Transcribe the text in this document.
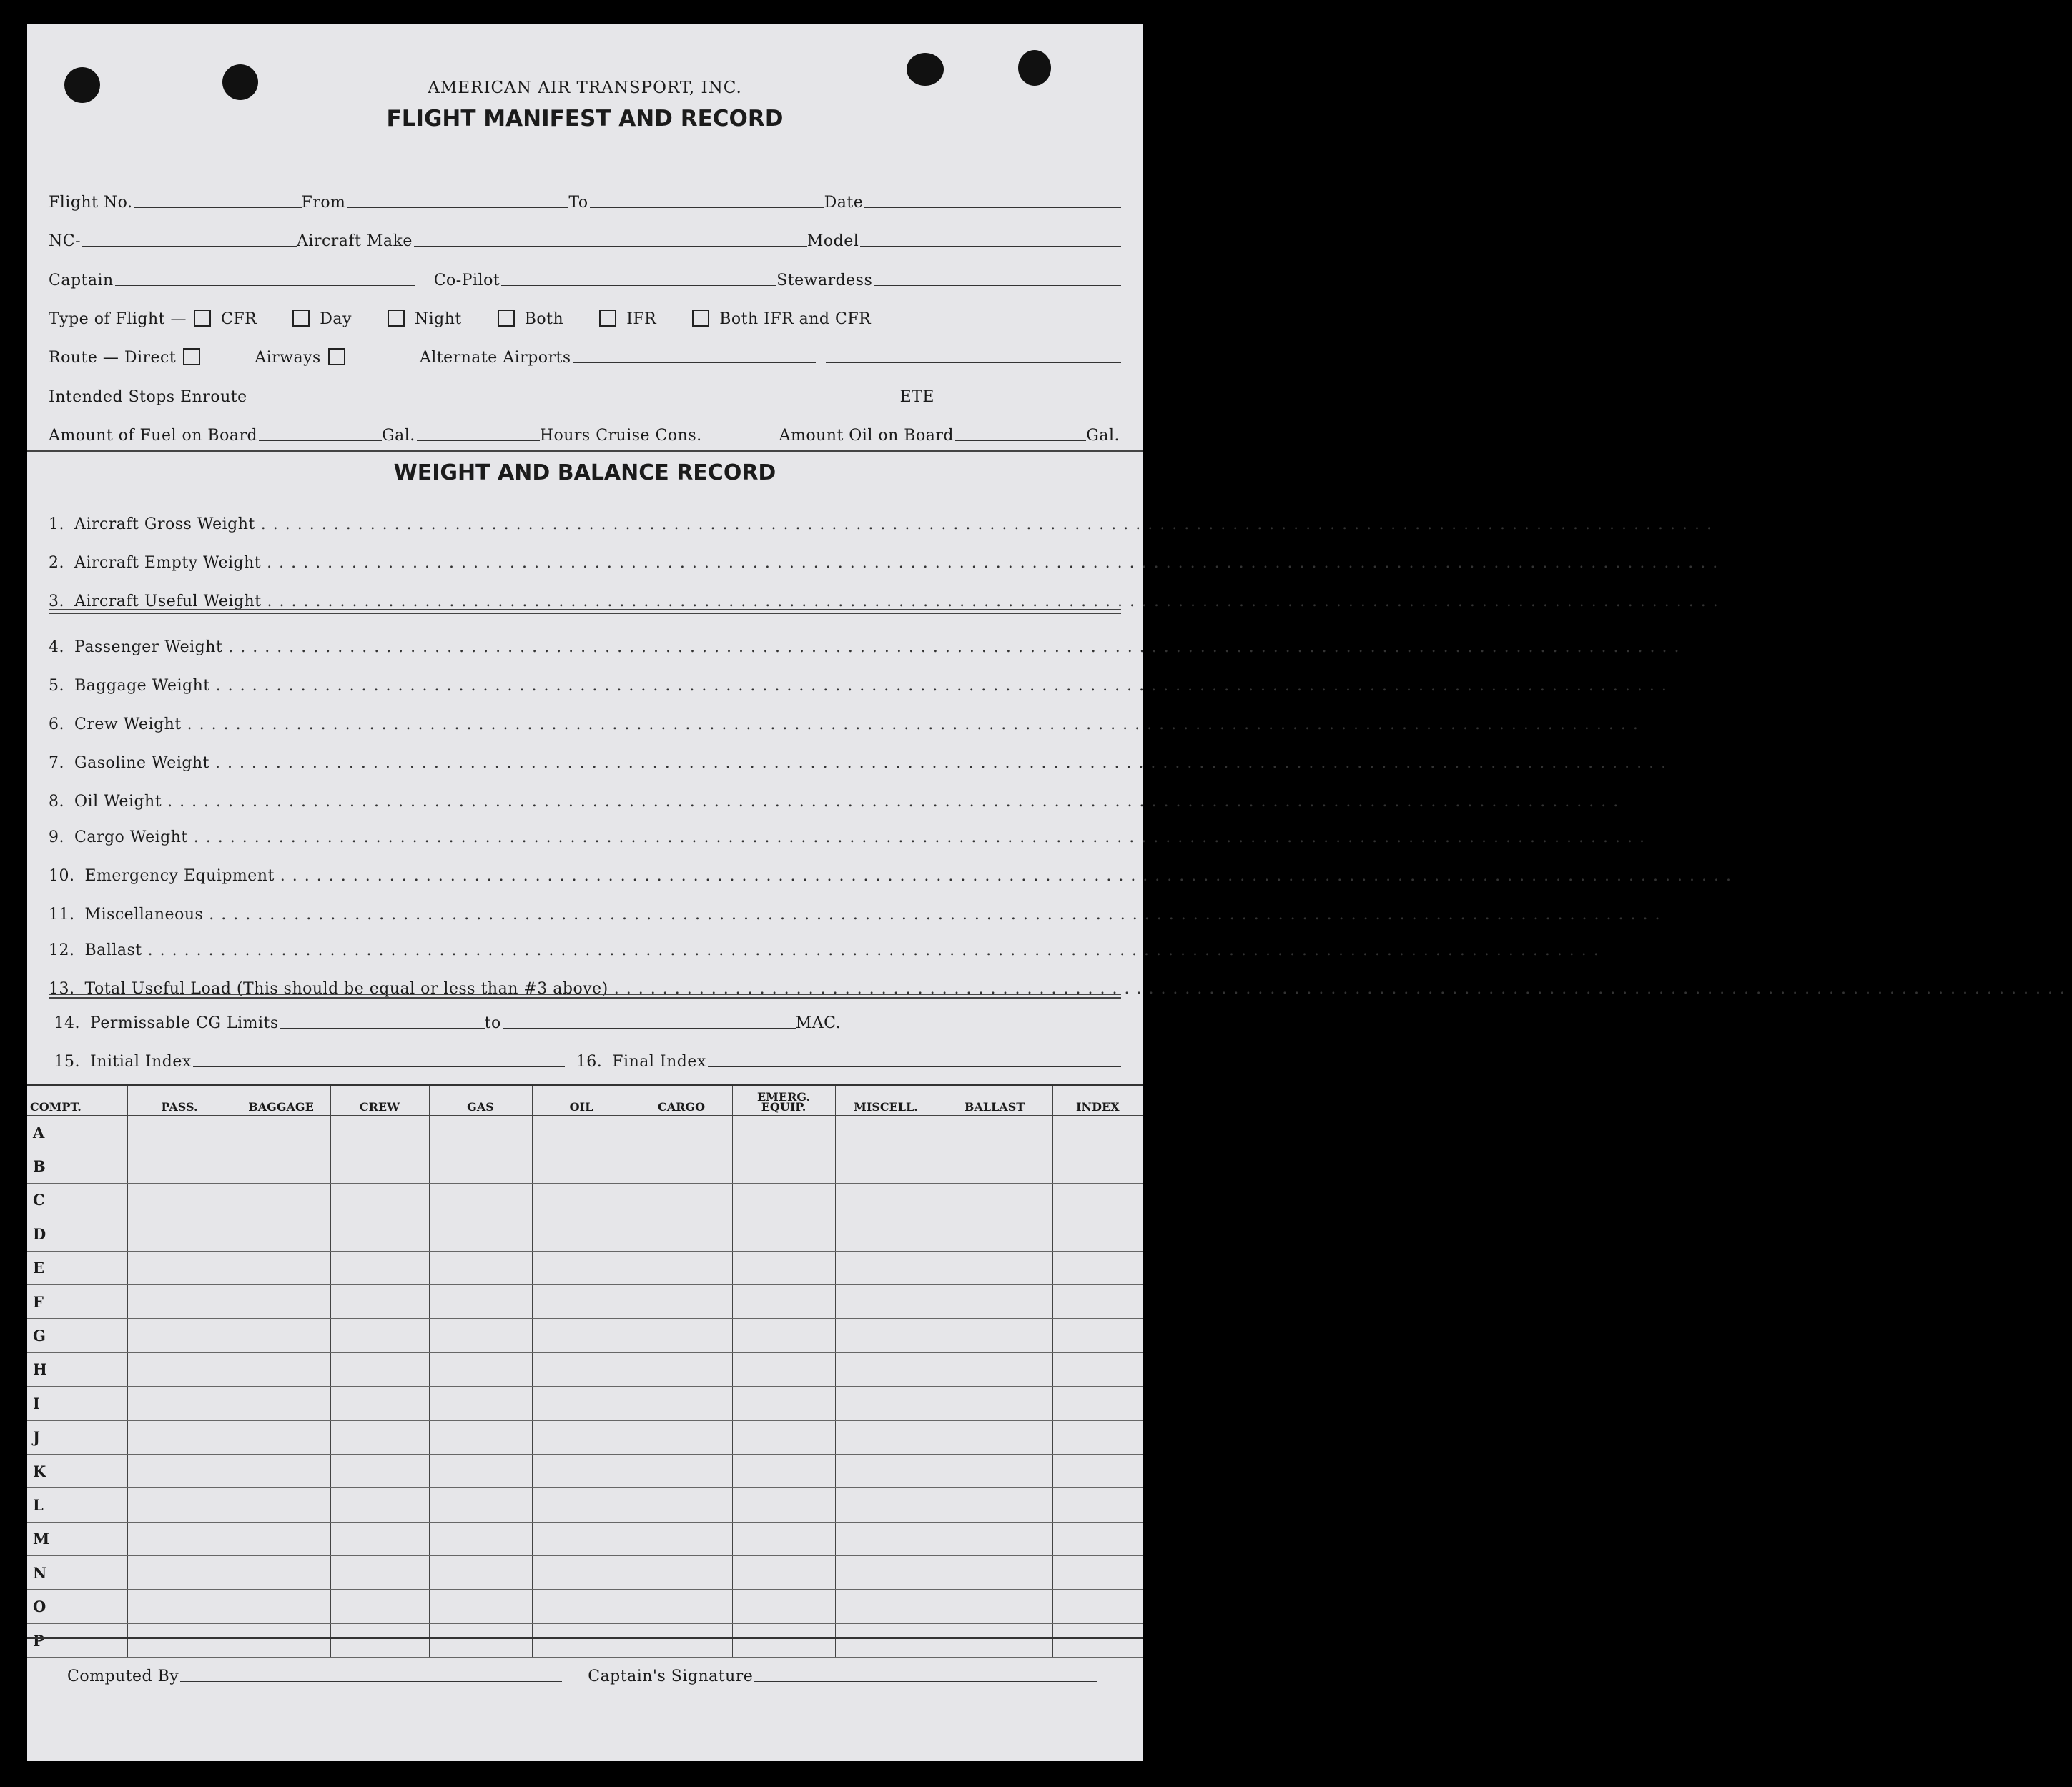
AMERICAN AIR TRANSPORT, INC.
FLIGHT MANIFEST AND RECORD
Flight No.	From	To	Date
NC-	Aircraft Make	Model
Captain	Co-Pilot	Stewardess
Type of Flight — CFR	Day	Night	Both	IFR	Both IFR and CFR
Route — Direct	Airways	Alternate Airports
Intended Stops Enroute	ETE
Amount of Fuel on Board	Gal.	Hours Cruise Cons.	Amount Oil on Board	Gal.
WEIGHT AND BALANCE RECORD
1. Aircraft Gross Weight ........................................................................................................................
2. Aircraft Empty Weight ........................................................................................................................
3. Aircraft Useful Weight ........................................................................................................................
4. Passenger Weight ........................................................................................................................
5. Baggage Weight ........................................................................................................................
6. Crew Weight ........................................................................................................................
7. Gasoline Weight ........................................................................................................................
8. Oil Weight ........................................................................................................................
9. Cargo Weight ........................................................................................................................
10. Emergency Equipment ........................................................................................................................
11. Miscellaneous ........................................................................................................................
12. Ballast ........................................................................................................................
13. Total Useful Load (This should be equal or less than #3 above) ........................................................................................................................
14. Permissable CG Limits	to	MAC.
15. Initial Index	16. Final Index
COMPT.	PASS.	BAGGAGE	CREW	GAS	OIL	CARGO	EMERG. EQUIP.	MISCELL.	BALLAST	INDEX
A										
B										
C										
D										
E										
F										
G										
H										
I										
J										
K										
L										
M										
N										
O										
P										
Computed By	Captain's Signature
